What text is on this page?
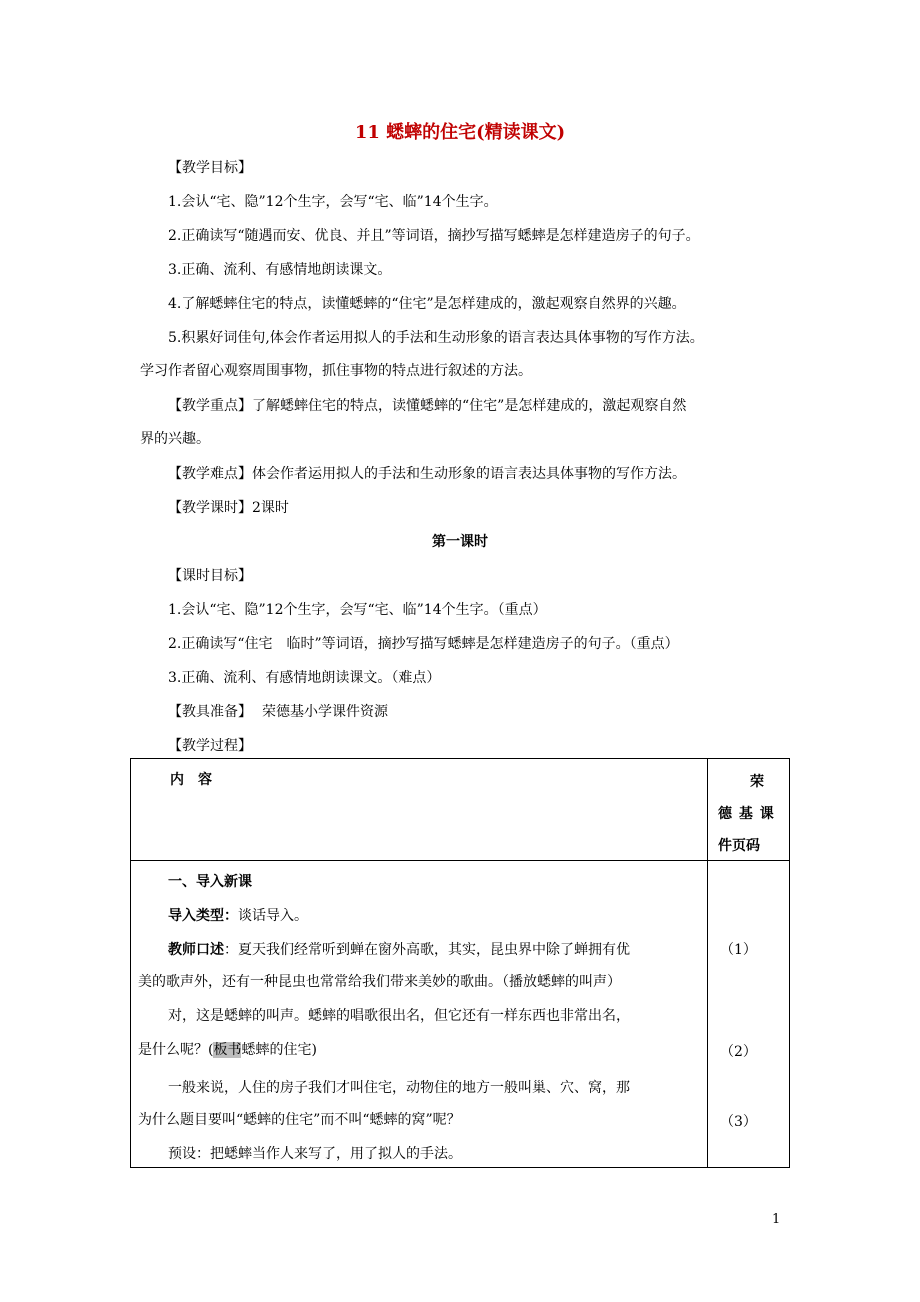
11 蟋蟀的住宅(精读课文)
【教学目标】
1.会认“宅、隐”12个生字，会写“宅、临”14个生字。
2.正确读写“随遇而安、优良、并且”等词语，摘抄写描写蟋蟀是怎样建造房子的句子。
3.正确、流利、有感情地朗读课文。
4.了解蟋蟀住宅的特点，读懂蟋蟀的“住宅”是怎样建成的，激起观察自然界的兴趣。
5.积累好词佳句,体会作者运用拟人的手法和生动形象的语言表达具体事物的写作方法。
学习作者留心观察周围事物，抓住事物的特点进行叙述的方法。
【教学重点】了解蟋蟀住宅的特点，读懂蟋蟀的“住宅”是怎样建成的，激起观察自然
界的兴趣。
【教学难点】体会作者运用拟人的手法和生动形象的语言表达具体事物的写作方法。
【教学课时】2课时
第一课时
【课时目标】
1.会认“宅、隐”12个生字，会写“宅、临”14个生字。（重点）
2.正确读写“住宅　临时”等词语，摘抄写描写蟋蟀是怎样建造房子的句子。（重点）
3.正确、流利、有感情地朗读课文。（难点）
【教具准备】 荣德基小学课件资源
【教学过程】
内　容	荣
德 基 课
件页码
一、导入新课
导入类型：谈话导入。
教师口述：夏天我们经常听到蝉在窗外高歌，其实，昆虫界中除了蝉拥有优
美的歌声外，还有一种昆虫也常常给我们带来美妙的歌曲。（播放蟋蟀的叫声）
对，这是蟋蟀的叫声。蟋蟀的唱歌很出名，但它还有一样东西也非常出名，
是什么呢？(板书蟋蟀的住宅)
一般来说，人住的房子我们才叫住宅，动物住的地方一般叫巢、穴、窝，那
为什么题目要叫“蟋蟀的住宅”而不叫“蟋蟀的窝”呢？
预设：把蟋蟀当作人来写了，用了拟人的手法。
（1）
（2）
（3）
1
